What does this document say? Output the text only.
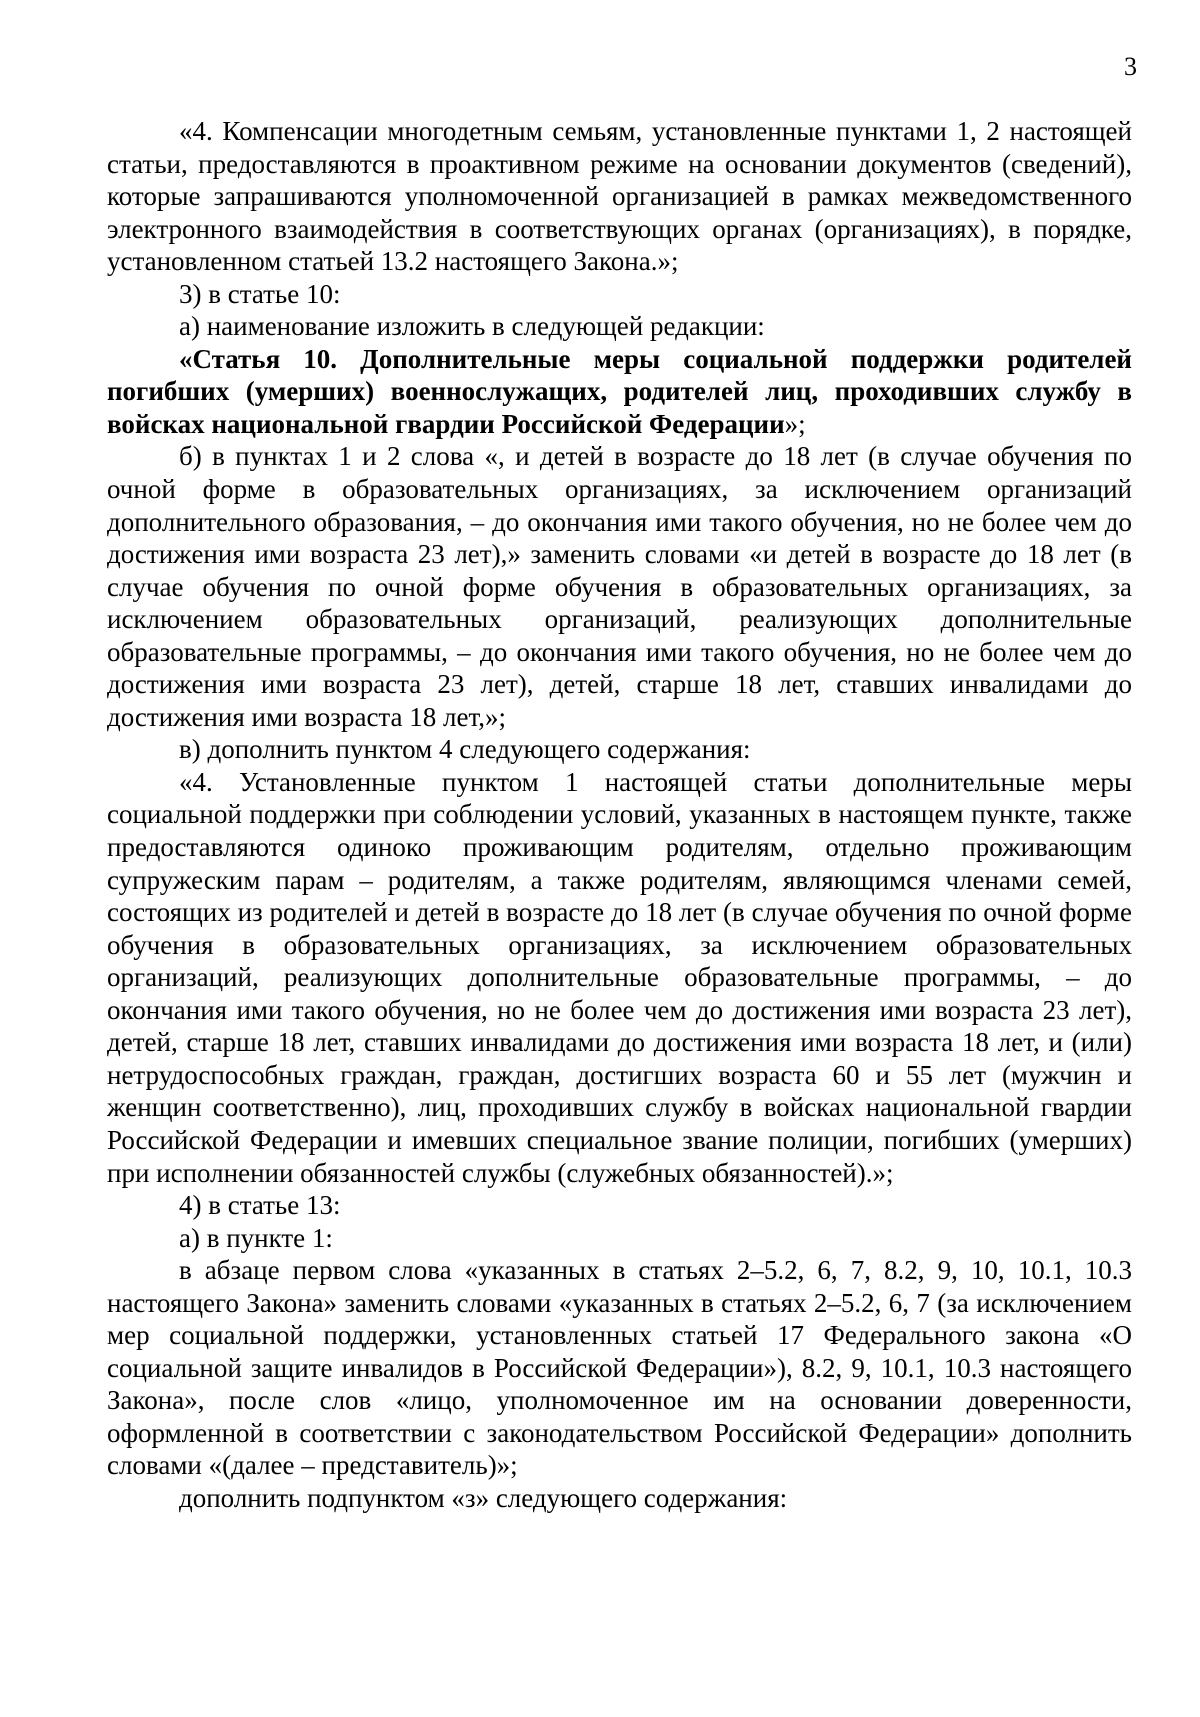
3

«4. Компенсации многодетным семьям, установленные пунктами 1, 2 настоящей статьи, предоставляются в проактивном режиме на основании документов (сведений), которые запрашиваются уполномоченной организацией в рамках межведомственного электронного взаимодействия в соответствующих органах (организациях), в порядке, установленном статьей 13.2 настоящего Закона.»;

3) в статье 10:

а) наименование изложить в следующей редакции:

«Статья 10. Дополнительные меры социальной поддержки родителей погибших (умерших) военнослужащих, родителей лиц, проходивших службу в войсках национальной гвардии Российской Федерации»;

б) в пунктах 1 и 2 слова «, и детей в возрасте до 18 лет (в случае обучения по очной форме в образовательных организациях, за исключением организаций дополнительного образования, – до окончания ими такого обучения, но не более чем до достижения ими возраста 23 лет),» заменить словами «и детей в возрасте до 18 лет (в случае обучения по очной форме обучения в образовательных организациях, за исключением образовательных организаций, реализующих дополнительные образовательные программы, – до окончания ими такого обучения, но не более чем до достижения ими возраста 23 лет), детей, старше 18 лет, ставших инвалидами до достижения ими возраста 18 лет,»;

в) дополнить пунктом 4 следующего содержания:

«4. Установленные пунктом 1 настоящей статьи дополнительные меры социальной поддержки при соблюдении условий, указанных в настоящем пункте, также предоставляются одиноко проживающим родителям, отдельно проживающим супружеским парам – родителям, а также родителям, являющимся членами семей, состоящих из родителей и детей в возрасте до 18 лет (в случае обучения по очной форме обучения в образовательных организациях, за исключением образовательных организаций, реализующих дополнительные образовательные программы, – до окончания ими такого обучения, но не более чем до достижения ими возраста 23 лет), детей, старше 18 лет, ставших инвалидами до достижения ими возраста 18 лет, и (или) нетрудоспособных граждан, граждан, достигших возраста 60 и 55 лет (мужчин и женщин соответственно), лиц, проходивших службу в войсках национальной гвардии Российской Федерации и имевших специальное звание полиции, погибших (умерших) при исполнении обязанностей службы (служебных обязанностей).»;

4) в статье 13:

а) в пункте 1:

в абзаце первом слова «указанных в статьях 2–5.2, 6, 7, 8.2, 9, 10, 10.1, 10.3 настоящего Закона» заменить словами «указанных в статьях 2–5.2, 6, 7 (за исключением мер социальной поддержки, установленных статьей 17 Федерального закона «О социальной защите инвалидов в Российской Федерации»), 8.2, 9, 10.1, 10.3 настоящего Закона», после слов «лицо, уполномоченное им на основании доверенности, оформленной в соответствии с законодательством Российской Федерации» дополнить словами «(далее – представитель)»;

дополнить подпунктом «з» следующего содержания:
